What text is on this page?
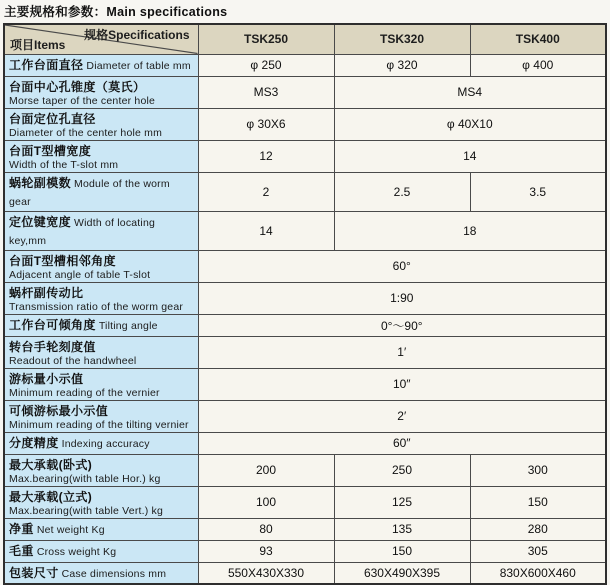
主要规格和参数：Main specifications
规格Specifications
项目Items	TSK250	TSK320	TSK400
工作台面直径 Diameter of table mm	φ 250	φ 320	φ 400
台面中心孔锥度（莫氏）
Morse taper of the center hole	MS3	MS4	
台面定位孔直径
Diameter of the center hole mm	φ 30X6	φ 40X10	
台面T型槽宽度
Width of the T-slot mm	12	14	
蜗轮副模数 Module of the worm gear	2	2.5	3.5
定位键宽度 Width of locating key,mm	14	18	
台面T型槽相邻角度
Adjacent angle of table T-slot	60°		
蜗杆副传动比
Transmission ratio of the worm gear	1:90		
工作台可倾角度 Tilting angle	0°～90°		
转台手轮刻度值
Readout of the handwheel	1′		
游标量小示值
Minimum reading of the vernier	10″		
可倾游标最小示值
Minimum reading of the tilting vernier	2′		
分度精度 Indexing accuracy	60″		
最大承载(卧式)
Max.bearing(with table Hor.) kg	200	250	300
最大承载(立式)
Max.bearing(with table Vert.) kg	100	125	150
净重 Net weight Kg	80	135	280
毛重 Cross weight Kg	93	150	305
包装尺寸 Case dimensions mm	550X430X330	630X490X395	830X600X460
